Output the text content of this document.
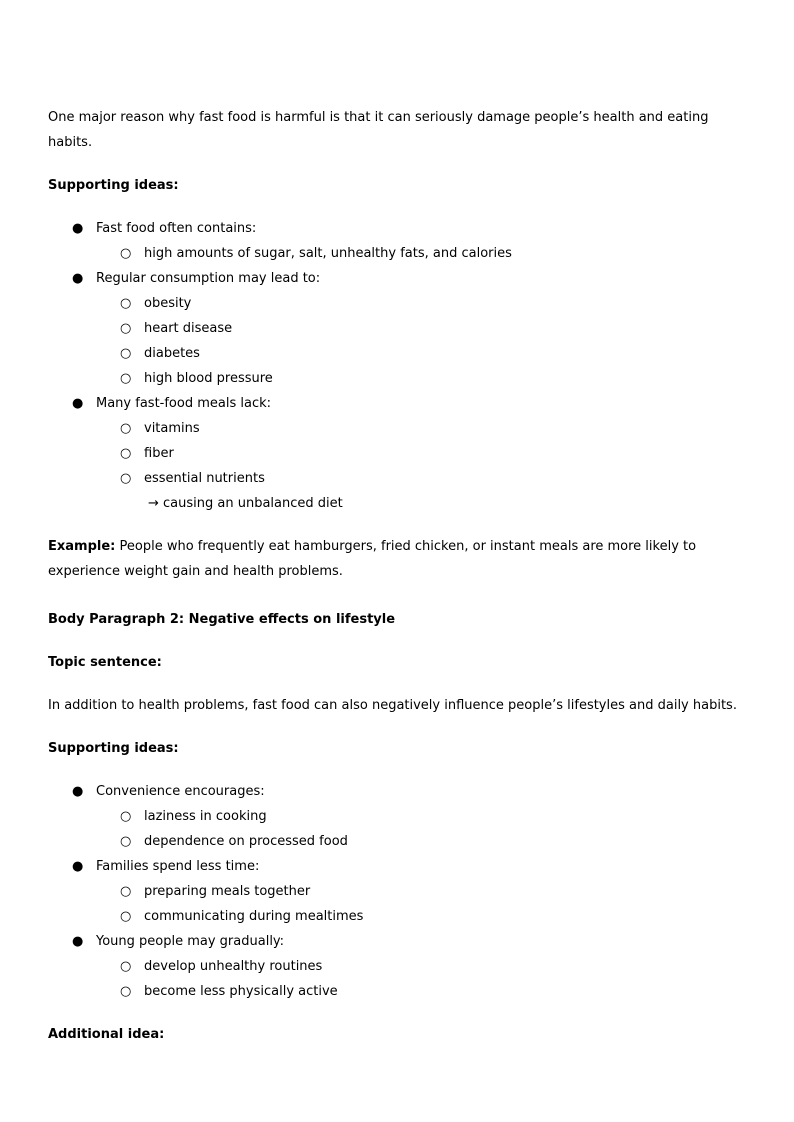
One major reason why fast food is harmful is that it can seriously damage people’s health and eating habits.

Supporting ideas:

● Fast food often contains:
○ high amounts of sugar, salt, unhealthy fats, and calories
● Regular consumption may lead to:
○ obesity
○ heart disease
○ diabetes
○ high blood pressure
● Many fast-food meals lack:
○ vitamins
○ fiber
○ essential nutrients
→ causing an unbalanced diet

Example: People who frequently eat hamburgers, fried chicken, or instant meals are more likely to experience weight gain and health problems.

Body Paragraph 2: Negative effects on lifestyle

Topic sentence:

In addition to health problems, fast food can also negatively influence people’s lifestyles and daily habits.

Supporting ideas:

● Convenience encourages:
○ laziness in cooking
○ dependence on processed food
● Families spend less time:
○ preparing meals together
○ communicating during mealtimes
● Young people may gradually:
○ develop unhealthy routines
○ become less physically active

Additional idea:
